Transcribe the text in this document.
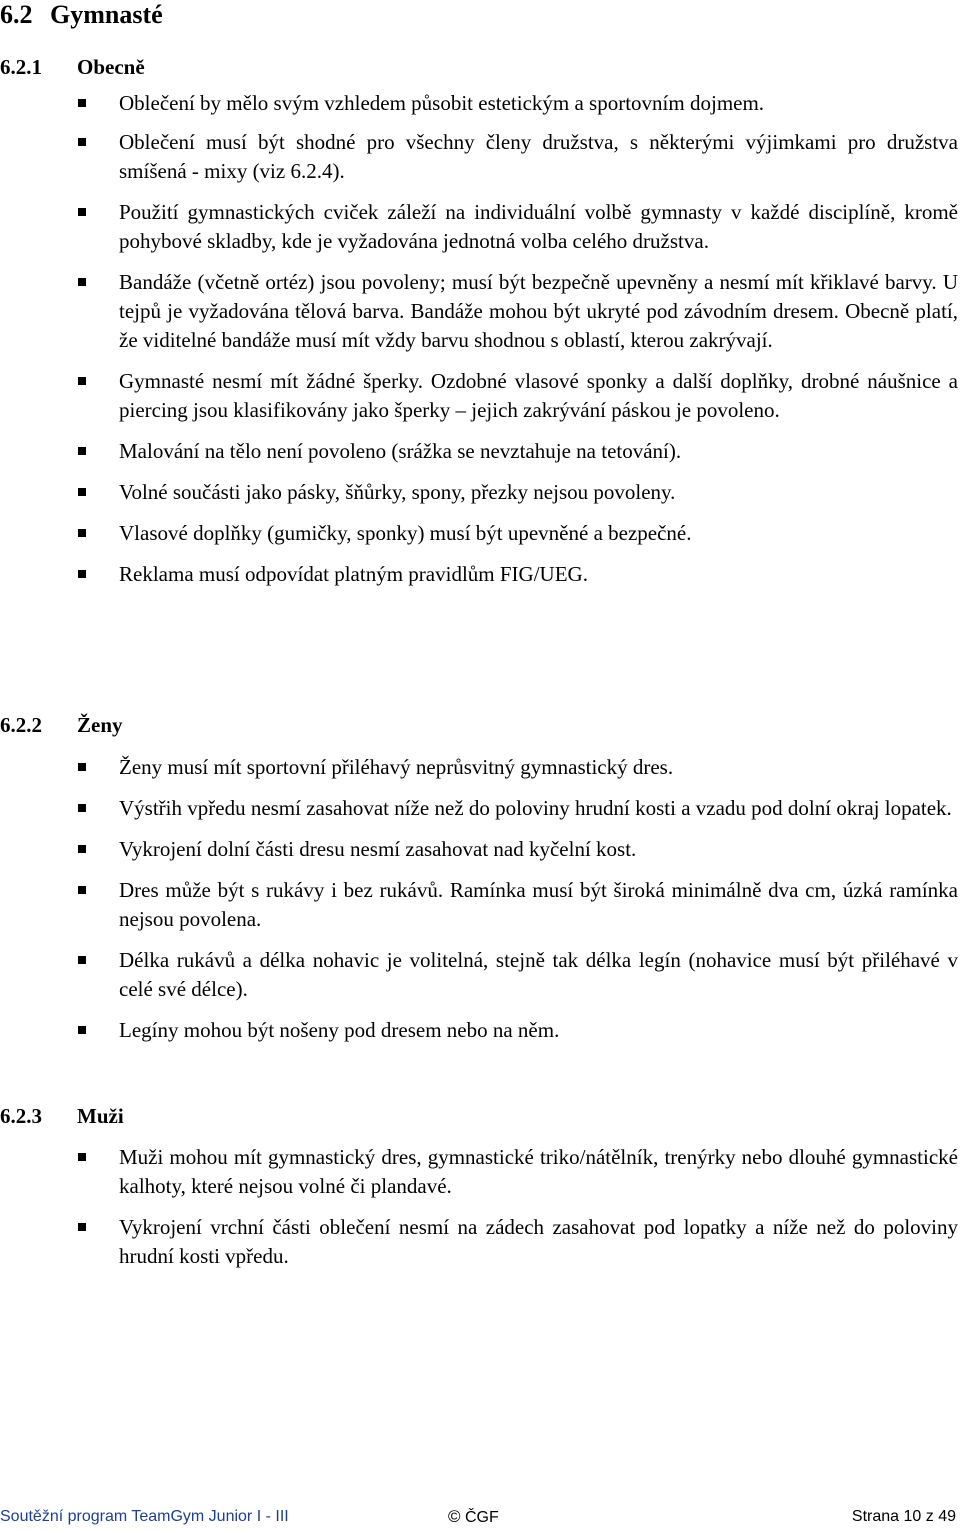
6.2 Gymnasté
6.2.1 Obecně
Oblečení by mělo svým vzhledem působit estetickým a sportovním dojmem.
Oblečení musí být shodné pro všechny členy družstva, s některými výjimkami pro družstva smíšená - mixy (viz 6.2.4).
Použití gymnastických cviček záleží na individuální volbě gymnasty v každé disciplíně, kromě pohybové skladby, kde je vyžadována jednotná volba celého družstva.
Bandáže (včetně ortéz) jsou povoleny; musí být bezpečně upevněny a nesmí mít křiklavé barvy. U tejpů je vyžadována tělová barva. Bandáže mohou být ukryté pod závodním dresem. Obecně platí, že viditelné bandáže musí mít vždy barvu shodnou s oblastí, kterou zakrývají.
Gymnasté nesmí mít žádné šperky. Ozdobné vlasové sponky a další doplňky, drobné náušnice a piercing jsou klasifikovány jako šperky – jejich zakrývání páskou je povoleno.
Malování na tělo není povoleno (srážka se nevztahuje na tetování).
Volné součásti jako pásky, šňůrky, spony, přezky nejsou povoleny.
Vlasové doplňky (gumičky, sponky) musí být upevněné a bezpečné.
Reklama musí odpovídat platným pravidlům FIG/UEG.
6.2.2 Ženy
Ženy musí mít sportovní přiléhavý neprůsvitný gymnastický dres.
Výstřih vpředu nesmí zasahovat níže než do poloviny hrudní kosti a vzadu pod dolní okraj lopatek.
Vykrojení dolní části dresu nesmí zasahovat nad kyčelní kost.
Dres může být s rukávy i bez rukávů. Ramínka musí být široká minimálně dva cm, úzká ramínka nejsou povolena.
Délka rukávů a délka nohavic je volitelná, stejně tak délka legín (nohavice musí být přiléhavé v celé své délce).
Legíny mohou být nošeny pod dresem nebo na něm.
6.2.3 Muži
Muži mohou mít gymnastický dres, gymnastické triko/nátělník, trenýrky nebo dlouhé gymnastické kalhoty, které nejsou volné či plandavé.
Vykrojení vrchní části oblečení nesmí na zádech zasahovat pod lopatky a níže než do poloviny hrudní kosti vpředu.
Soutěžní program TeamGym Junior I - III	© ČGF	Strana 10 z 49
